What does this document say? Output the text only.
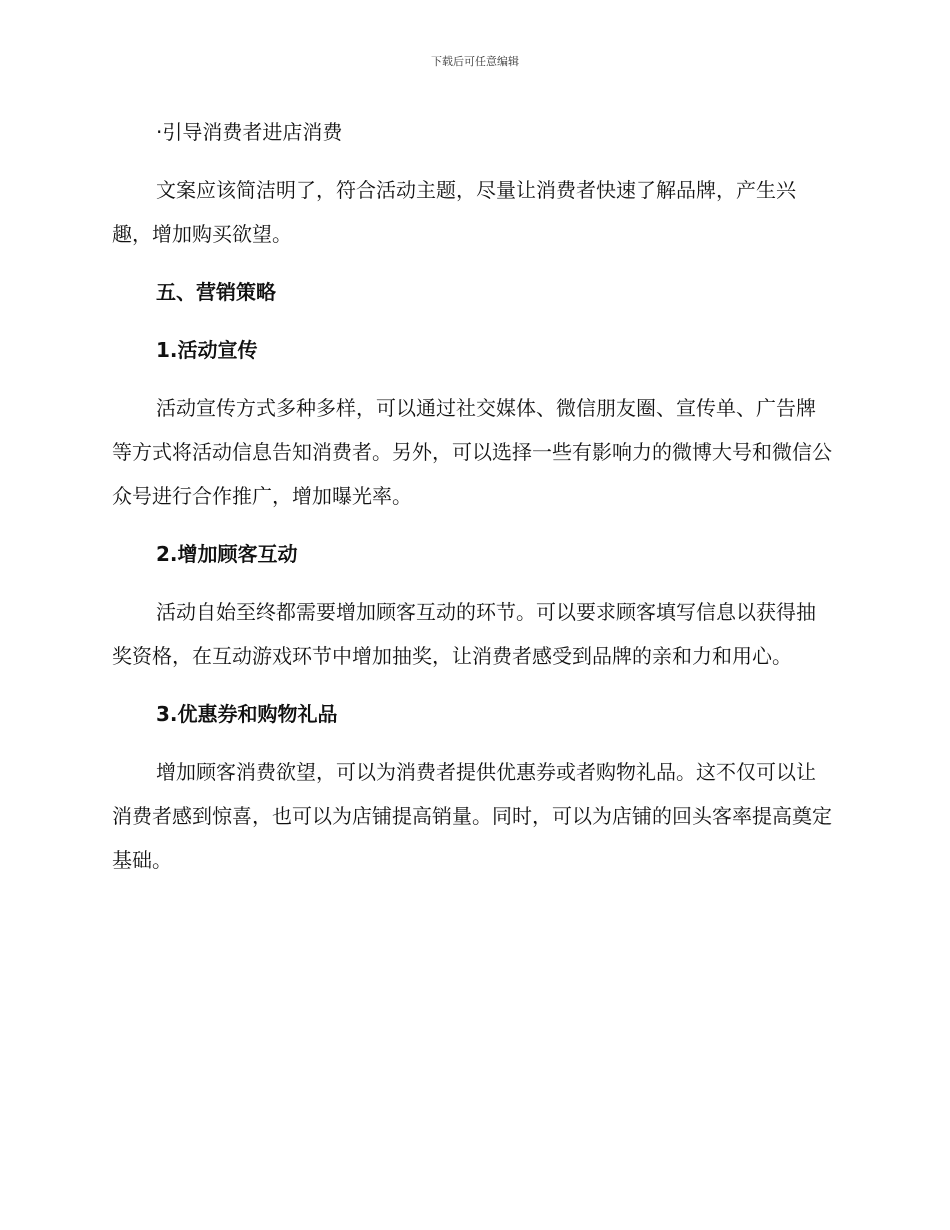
下载后可任意编辑

·引导消费者进店消费

文案应该简洁明了，符合活动主题，尽量让消费者快速了解品牌，产生兴趣，增加购买欲望。

五、营销策略

1.活动宣传

活动宣传方式多种多样，可以通过社交媒体、微信朋友圈、宣传单、广告牌等方式将活动信息告知消费者。另外，可以选择一些有影响力的微博大号和微信公众号进行合作推广，增加曝光率。

2.增加顾客互动

活动自始至终都需要增加顾客互动的环节。可以要求顾客填写信息以获得抽奖资格，在互动游戏环节中增加抽奖，让消费者感受到品牌的亲和力和用心。

3.优惠券和购物礼品

增加顾客消费欲望，可以为消费者提供优惠券或者购物礼品。这不仅可以让消费者感到惊喜，也可以为店铺提高销量。同时，可以为店铺的回头客率提高奠定基础。
